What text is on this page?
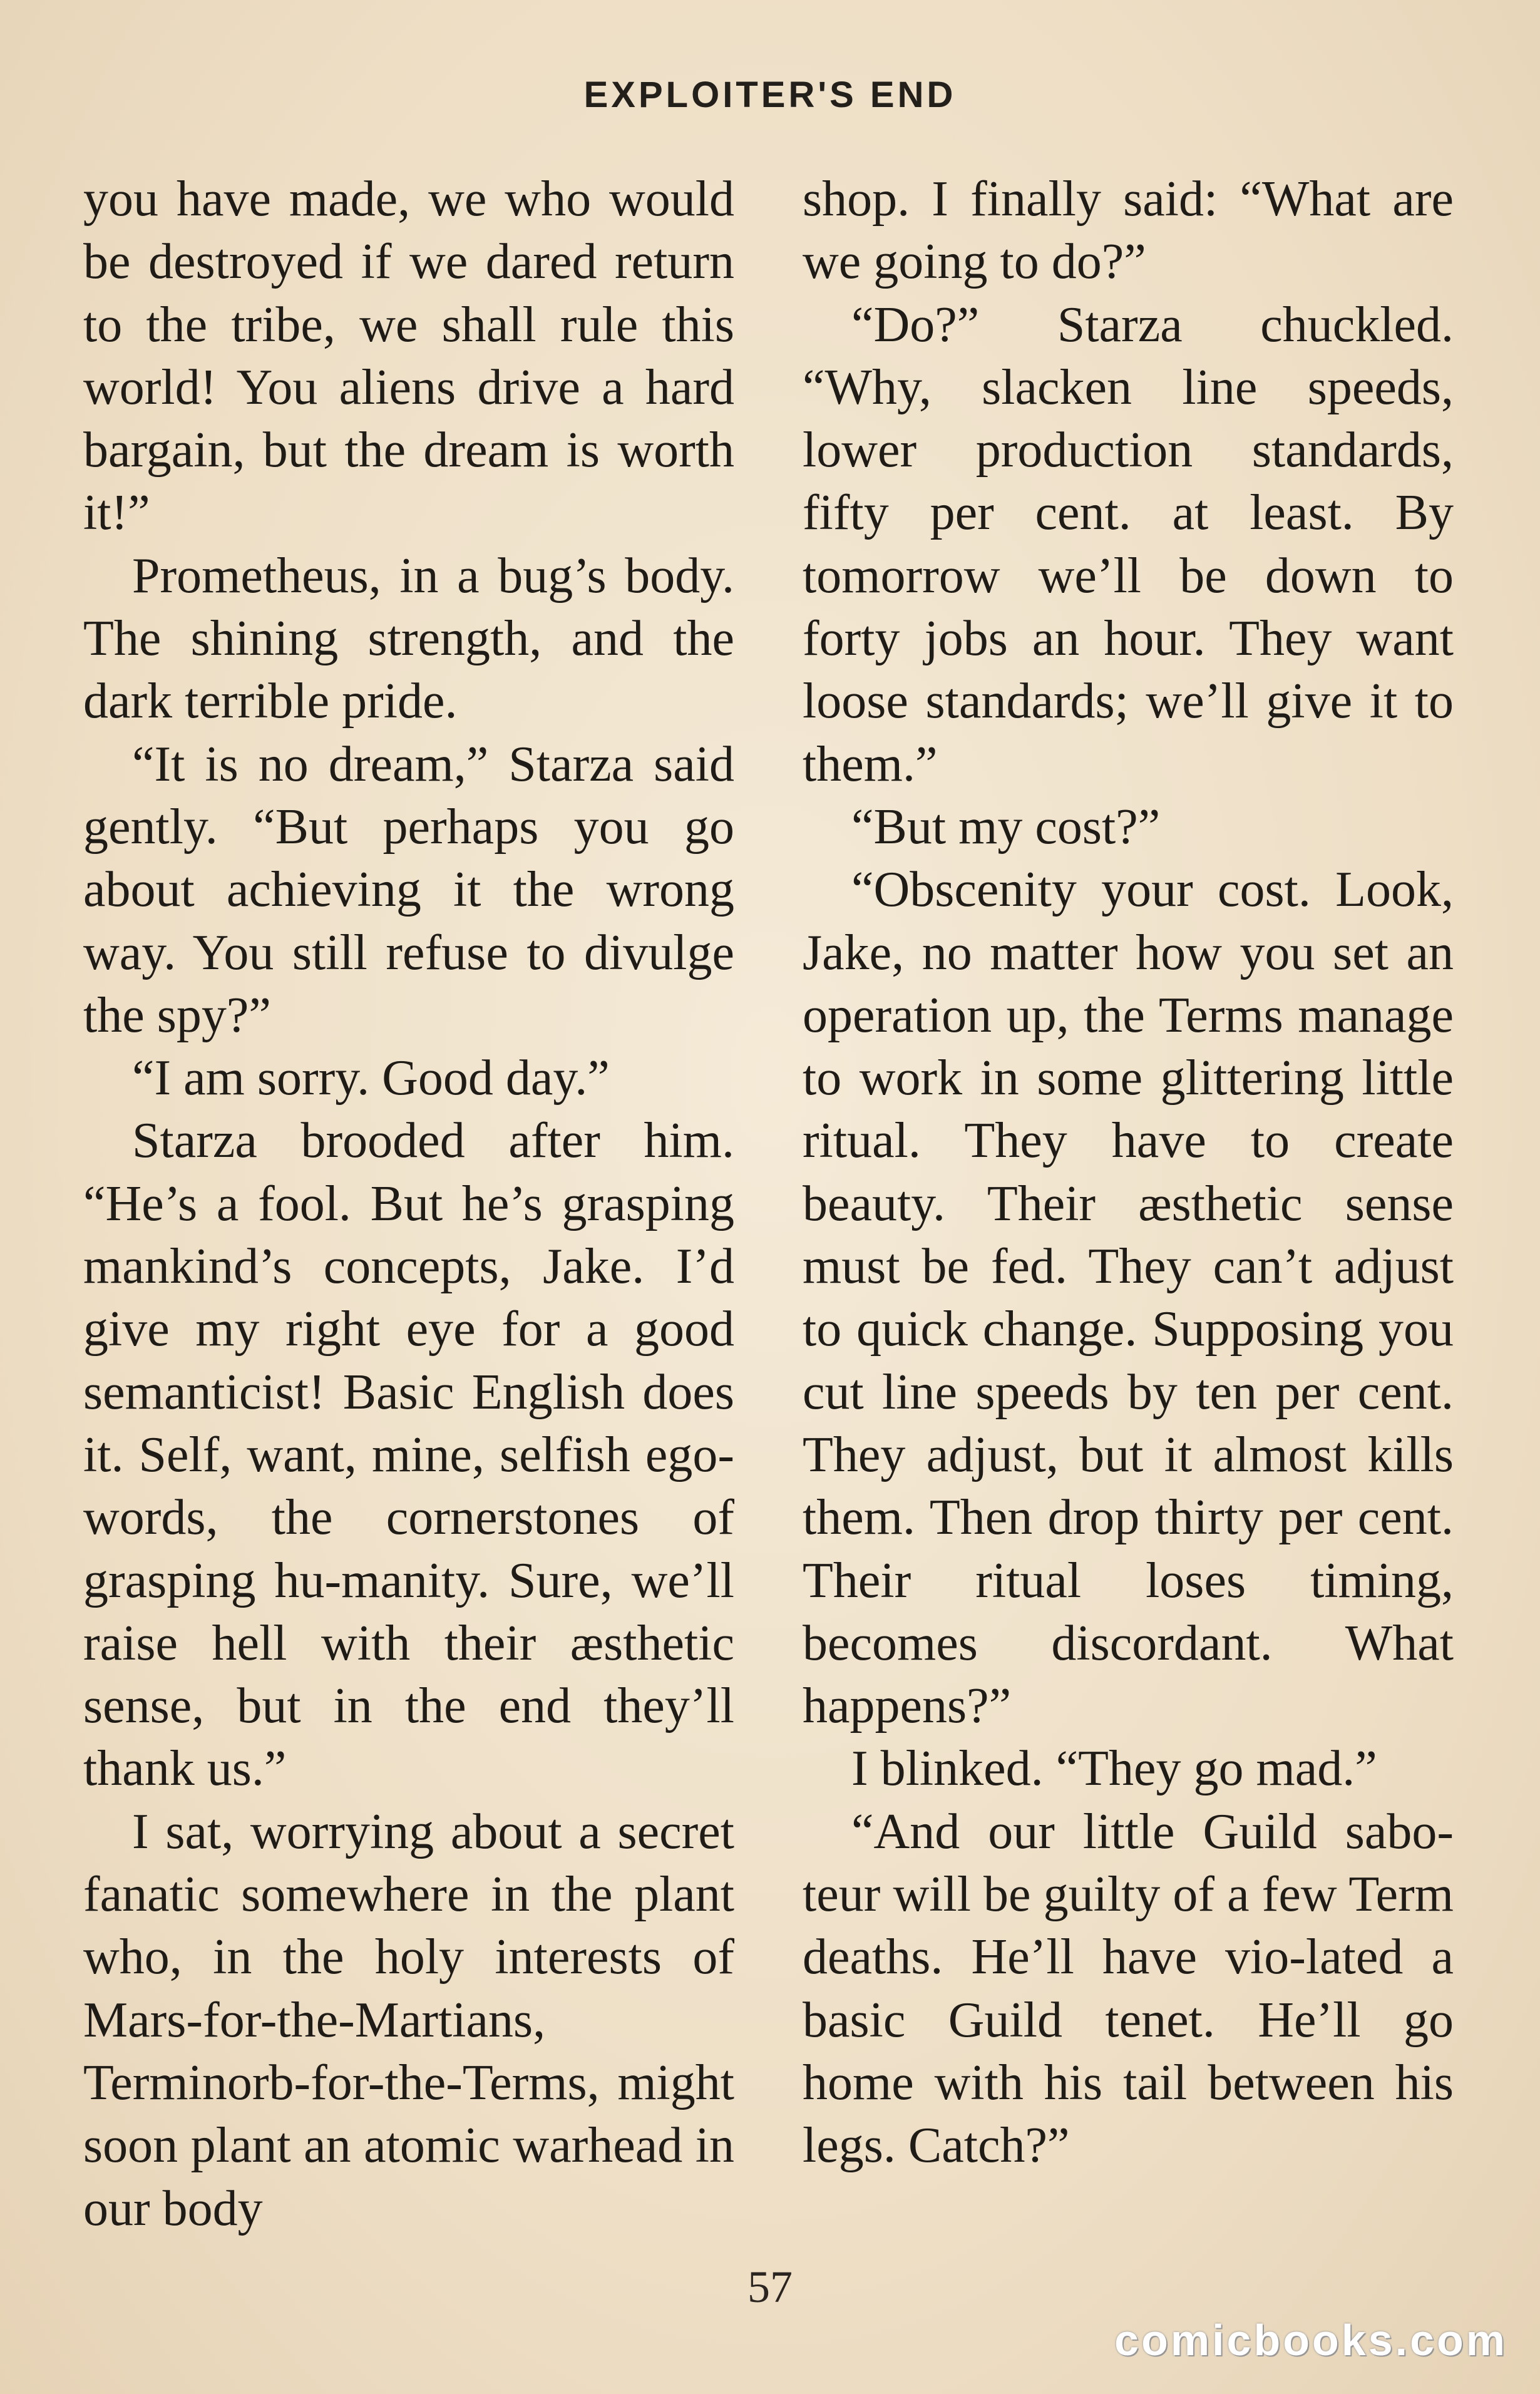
EXPLOITER'S END

you have made, we who would be destroyed if we dared return to the tribe, we shall rule this world! You aliens drive a hard bargain, but the dream is worth it!”

Prometheus, in a bug’s body. The shining strength, and the dark terrible pride.

“It is no dream,” Starza said gently. “But perhaps you go about achieving it the wrong way. You still refuse to divulge the spy?”

“I am sorry. Good day.”

Starza brooded after him. “He’s a fool. But he’s grasping mankind’s concepts, Jake. I’d give my right eye for a good semanticist! Basic English does it. Self, want, mine, selfish ego-words, the cornerstones of grasping hu-manity. Sure, we’ll raise hell with their æsthetic sense, but in the end they’ll thank us.”

I sat, worrying about a secret fanatic somewhere in the plant who, in the holy interests of Mars-for-the-Martians, Terminorb-for-the-Terms, might soon plant an atomic warhead in our body

shop. I finally said: “What are we going to do?”

“Do?” Starza chuckled. “Why, slacken line speeds, lower production standards, fifty per cent. at least. By tomorrow we’ll be down to forty jobs an hour. They want loose standards; we’ll give it to them.”

“But my cost?”

“Obscenity your cost. Look, Jake, no matter how you set an operation up, the Terms manage to work in some glittering little ritual. They have to create beauty. Their æsthetic sense must be fed. They can’t adjust to quick change. Supposing you cut line speeds by ten per cent. They adjust, but it almost kills them. Then drop thirty per cent. Their ritual loses timing, becomes discordant. What happens?”

I blinked. “They go mad.”

“And our little Guild sabo-teur will be guilty of a few Term deaths. He’ll have vio-lated a basic Guild tenet. He’ll go home with his tail between his legs. Catch?”

57
comicbooks.com
